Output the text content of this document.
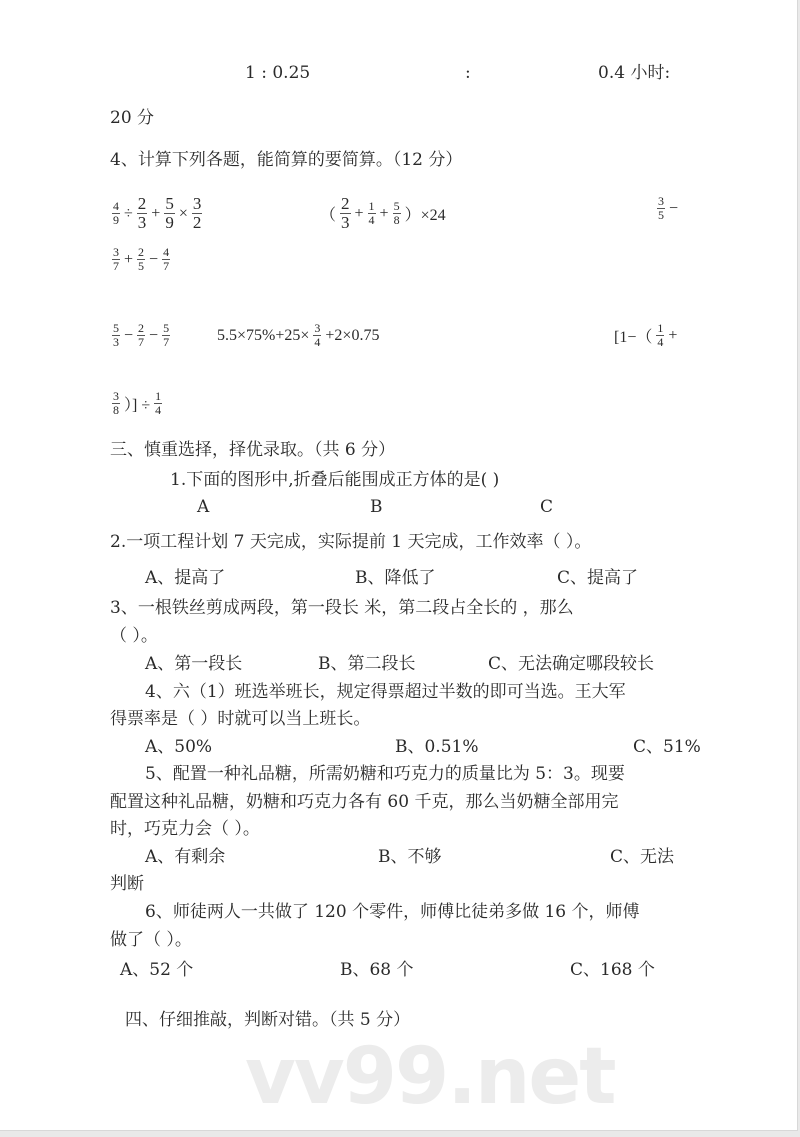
vv99.net
1 : 0.25	:	0.4 小时:
20 分
4、计算下列各题，能简算的要简算。（12 分）
$\frac{4}{9} \div \frac{2}{3} + \frac{5}{9} \times \frac{3}{2}$	（ $\frac{2}{3} + \frac{1}{4} + \frac{5}{8} )\times 24$	$\frac{3}{5}$ −
$\frac{3}{7} + \frac{2}{5} - \frac{4}{7}$
$\frac{5}{3} - \frac{2}{7} - \frac{5}{7}$	$5.5\times 75\%+25\times \frac{3}{4} +2\times 0.75$	[$1-( \frac{1}{4}$ +
$\frac{3}{8}$ ）] ÷ $\frac{1}{4}$
三、慎重选择，择优录取。（共 6 分）
1.下面的图形中,折叠后能围成正方体的是( )
A	B	C
2.一项工程计划 7 天完成，实际提前 1 天完成，工作效率（ ）。
A、提高了	B、降低了	C、提高了
3、一根铁丝剪成两段，第一段长 米，第二段占全长的 ，那么
（ ）。
A、第一段长	B、第二段长	C、无法确定哪段较长
4、六（1）班选举班长，规定得票超过半数的即可当选。王大军
得票率是（ ）时就可以当上班长。
A、50%	B、0.51%	C、51%
5、配置一种礼品糖，所需奶糖和巧克力的质量比为 5：3。现要
配置这种礼品糖，奶糖和巧克力各有 60 千克，那么当奶糖全部用完
时，巧克力会（ ）。
A、有剩余	B、不够	C、无法
判断
6、师徒两人一共做了 120 个零件，师傅比徒弟多做 16 个，师傅
做了（ ）。
A、52 个	B、68 个	C、168 个
四、仔细推敲，判断对错。（共 5 分）
